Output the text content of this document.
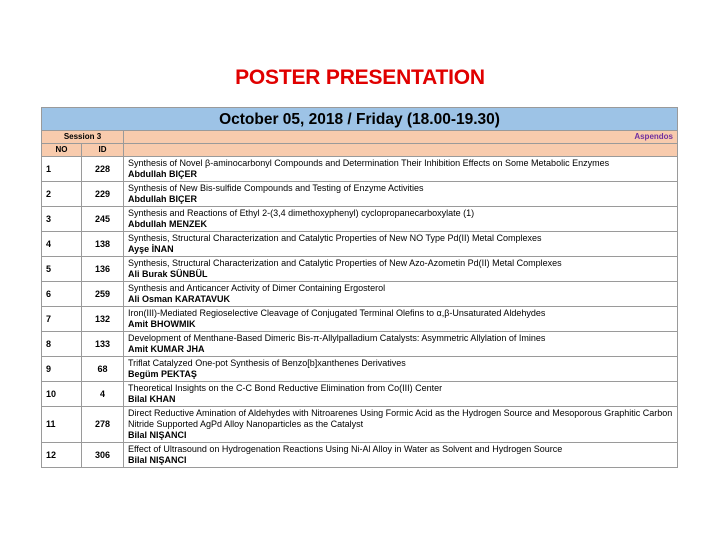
POSTER PRESENTATION
October 05, 2018 / Friday (18.00-19.30)		
Session 3		Aspendos
NO	ID	
1	228	Synthesis of Novel β-aminocarbonyl Compounds and Determination Their Inhibition Effects on Some Metabolic Enzymes
Abdullah BIÇER

2	229	Synthesis of New Bis-sulfide Compounds and Testing of Enzyme Activities
Abdullah BIÇER

3	245	Synthesis and Reactions of Ethyl 2-(3,4 dimethoxyphenyl) cyclopropanecarboxylate (1)
Abdullah MENZEK

4	138	Synthesis, Structural Characterization and Catalytic Properties of New NO Type Pd(II) Metal Complexes
Ayşe İNAN

5	136	Synthesis, Structural Characterization and Catalytic Properties of New Azo-Azometin Pd(II) Metal Complexes
Ali Burak SÜNBÜL

6	259	Synthesis and Anticancer Activity of Dimer Containing Ergosterol
Ali Osman KARATAVUK

7	132	Iron(III)-Mediated Regioselective Cleavage of Conjugated Terminal Olefins to α,β-Unsaturated Aldehydes
Amit BHOWMIK

8	133	Development of Menthane-Based Dimeric Bis-π-Allylpalladium Catalysts: Asymmetric Allylation of Imines
Amit KUMAR JHA

9	68	Triflat Catalyzed One-pot Synthesis of Benzo[b]xanthenes Derivatives
Begüm PEKTAŞ

10	4	Theoretical Insights on the C-C Bond Reductive Elimination from Co(III) Center
Bilal KHAN

11	278	Direct Reductive Amination of Aldehydes with Nitroarenes Using Formic Acid as the Hydrogen Source and Mesoporous Graphitic Carbon Nitride Supported AgPd Alloy Nanoparticles as the Catalyst
Bilal NIŞANCI

12	306	Effect of Ultrasound on Hydrogenation Reactions Using Ni-Al Alloy in Water as Solvent and Hydrogen Source
Bilal NIŞANCI
